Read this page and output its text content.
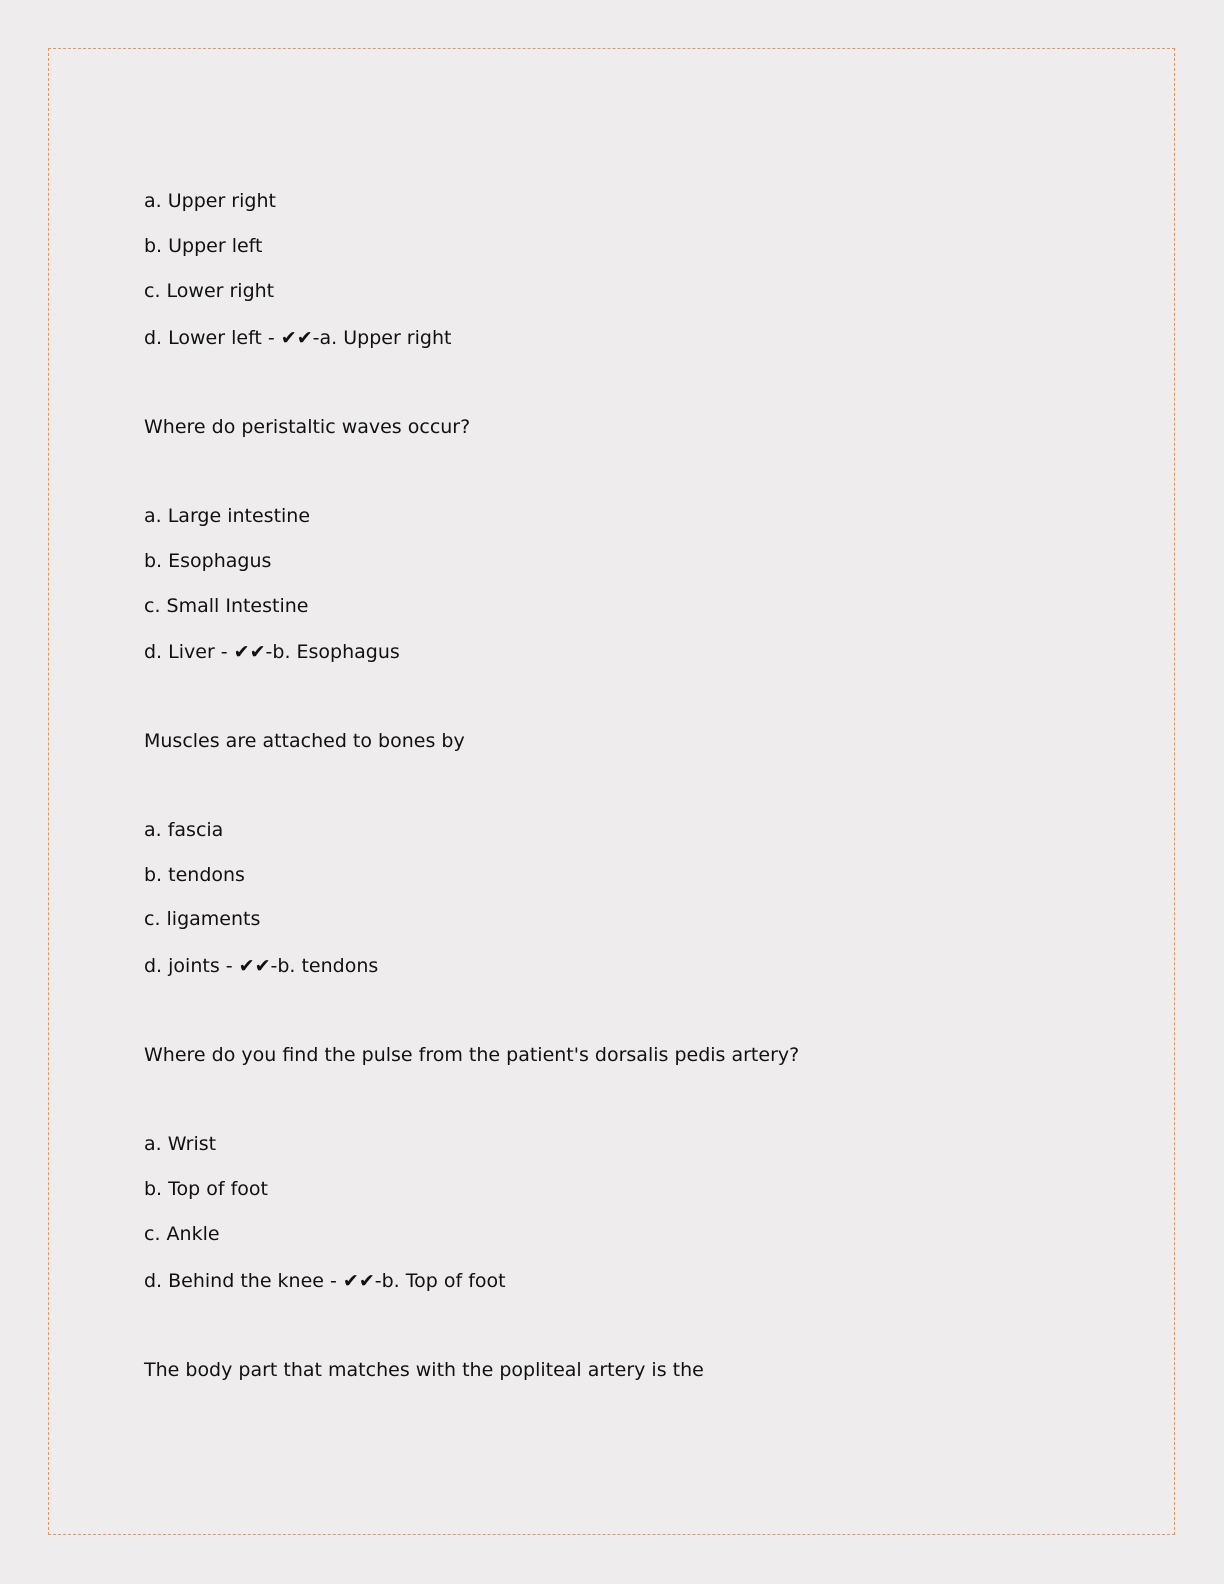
a. Upper right
b. Upper left
c. Lower right
d. Lower left - ✔✔-a. Upper right
Where do peristaltic waves occur?
a. Large intestine
b. Esophagus
c. Small Intestine
d. Liver - ✔✔-b. Esophagus
Muscles are attached to bones by
a. fascia
b. tendons
c. ligaments
d. joints - ✔✔-b. tendons
Where do you find the pulse from the patient's dorsalis pedis artery?
a. Wrist
b. Top of foot
c. Ankle
d. Behind the knee - ✔✔-b. Top of foot
The body part that matches with the popliteal artery is the
